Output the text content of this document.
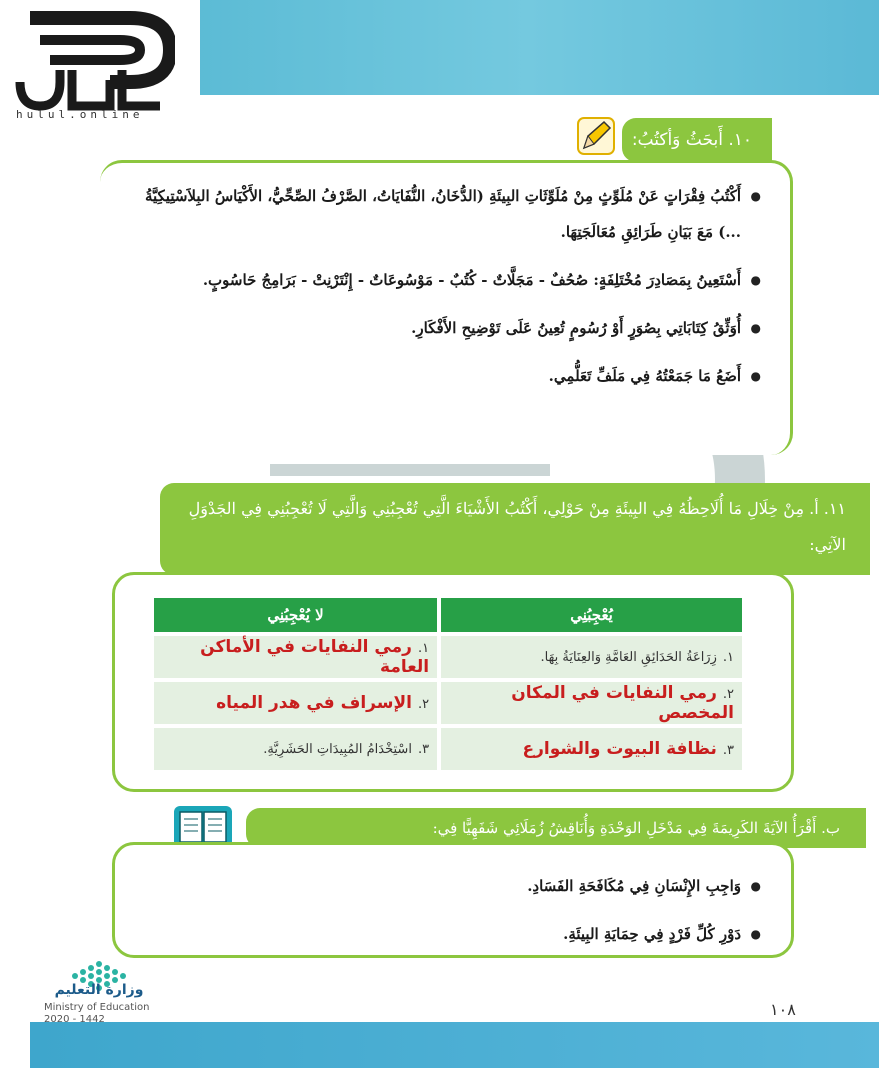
hulul.online
١٠. أَبحَثُ وَأكتُبُ:
● أَكْتُبُ فِقْرَاتٍ عَنْ مُلَوِّثٍ مِنْ مُلَوِّثَاتِ البِيئَةِ (الدُّخَانُ، النُّفَايَاتُ، الصَّرْفُ الصِّحِّيُّ، الأَكْيَاسُ البِلاَسْتِيكِيَّةُ ...) مَعَ بَيَانِ طَرَائِقِ مُعَالَجَتِهَا.
● أَسْتَعِينُ بِمَصَادِرَ مُخْتَلِفَةٍ: صُحُفٌ - مَجَلَّاتٌ - كُتُبٌ - مَوْسُوعَاتٌ - إِنْتَرْنِتْ - بَرَامِجُ حَاسُوبٍ.
● أُوَثِّقُ كِتَابَاتِي بِصُوَرٍ أَوْ رُسُومٍ تُعِينُ عَلَى تَوْضِيحِ الأَفْكَارِ.
● أَضَعُ مَا جَمَعْتُهُ فِي مَلَفِّ تَعَلُّمِي.
١١. أ. مِنْ خِلَالِ مَا أُلَاحِظُهُ فِي البِيئَةِ مِنْ حَوْلِي، أَكْتُبُ الأَشْيَاءَ الَّتِي تُعْجِبُنِي وَالَّتِي لَا تُعْجِبُنِي فِي الجَدْوَلِ الآتِي:
يُعْجِبُنِي	لا يُعْجِبُنِي
١.زِرَاعَةُ الحَدَائِقِ العَامَّةِ وَالعِنَايَةُ بِهَا.	١.رمي النفايات في الأماكن العامة
٢.رمي النفايات في المكان المخصص	٢.الإسراف في هدر المياه
٣.نظافة البيوت والشوارع	٣.اسْتِخْدَامُ المُبِيدَاتِ الحَشَرِيَّةِ.
ب. أَقْرَأُ الآيَةَ الكَرِيمَةَ فِي مَدْخَلِ الوَحْدَةِ وَأُنَاقِشُ زُمَلَائِي شَفَهِيًّا فِي:
● وَاجِبِ الإِنْسَانِ فِي مُكَافَحَةِ الفَسَادِ.
● دَوْرِ كُلِّ فَرْدٍ فِي حِمَايَةِ البِيئَةِ.
وزارة التعليم
Ministry of Education
2020 - 1442
١٠٨
